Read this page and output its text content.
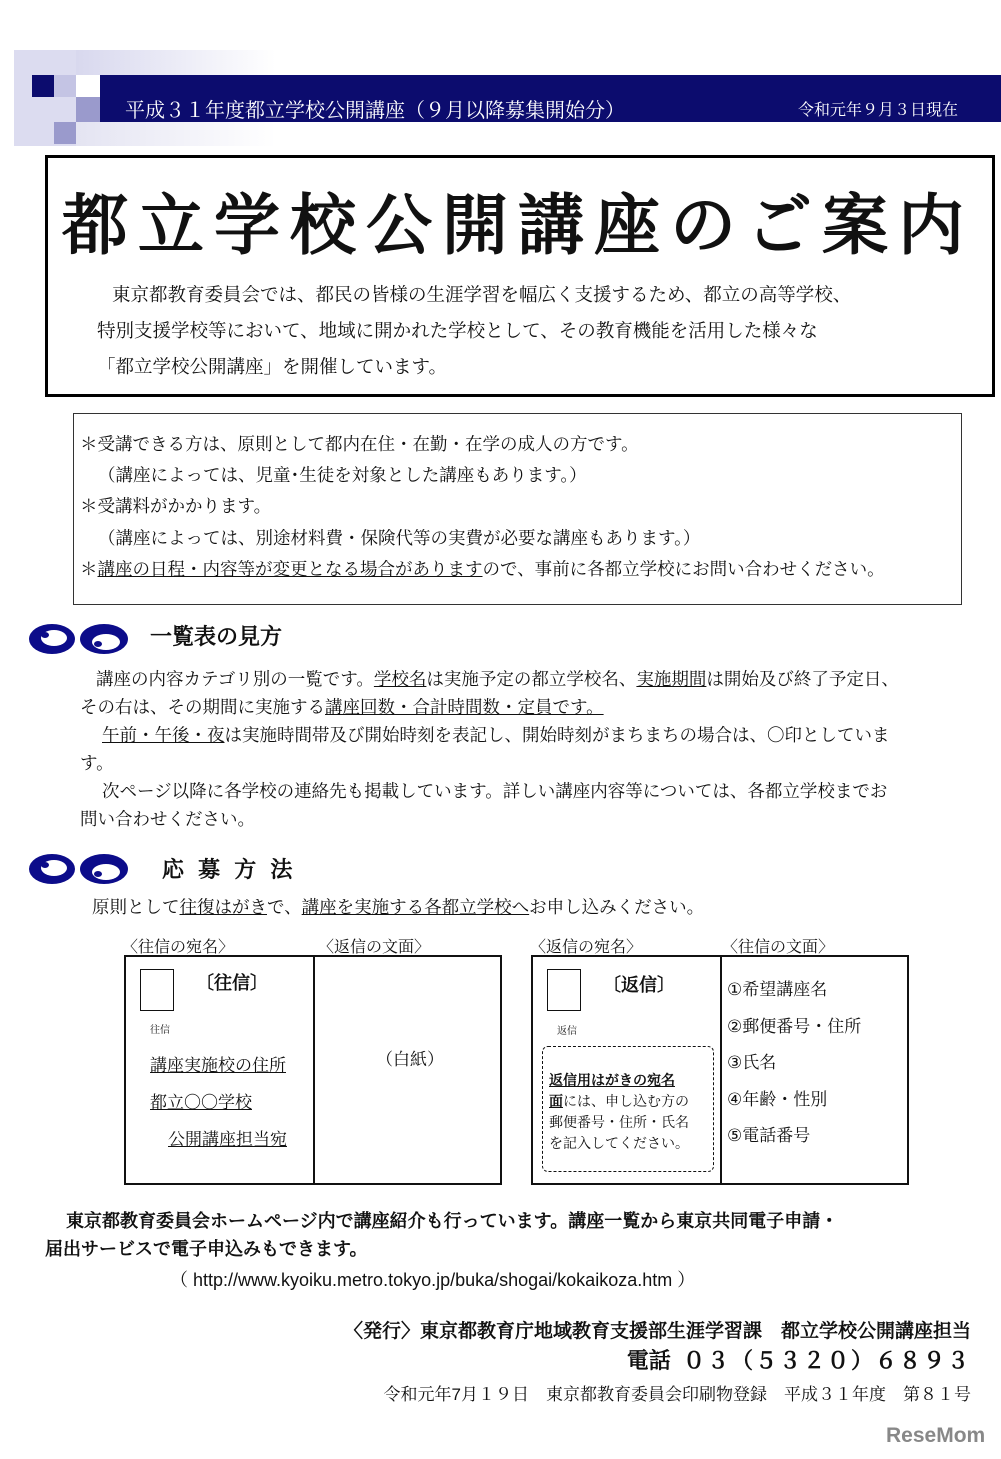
平成３１年度都立学校公開講座（９月以降募集開始分）	令和元年９月３日現在
都立学校公開講座のご案内
東京都教育委員会では、都民の皆様の生涯学習を幅広く支援するため、都立の高等学校、
特別支援学校等において、地域に開かれた学校として、その教育機能を活用した様々な
「都立学校公開講座」を開催しています。
＊受講できる方は、原則として都内在住・在勤・在学の成人の方です。
（講座によっては、児童･生徒を対象とした講座もあります。）
＊受講料がかかります。
（講座によっては、別途材料費・保険代等の実費が必要な講座もあります。）
＊講座の日程・内容等が変更となる場合がありますので、事前に各都立学校にお問い合わせください。
一覧表の見方
講座の内容カテゴリ別の一覧です。学校名は実施予定の都立学校名、実施期間は開始及び終了予定日、
その右は、その期間に実施する講座回数・合計時間数・定員です。
午前・午後・夜は実施時間帯及び開始時刻を表記し、開始時刻がまちまちの場合は、〇印としていま
す。
次ページ以降に各学校の連絡先も掲載しています。詳しい講座内容等については、各都立学校までお
問い合わせください。
応 募 方 法
原則として往復はがきで、講座を実施する各都立学校へお申し込みください。
〈往信の宛名〉	〈返信の文面〉	〈返信の宛名〉	〈往信の文面〉
〔往信〕
往信
講座実施校の住所
都立〇〇学校
公開講座担当宛
（白紙）
〔返信〕
返信
返信用はがきの宛名
面には、申し込む方の
郵便番号・住所・氏名
を記入してください。
①希望講座名
②郵便番号・住所
③氏名
④年齢・性別
⑤電話番号
東京都教育委員会ホームページ内で講座紹介も行っています。講座一覧から東京共同電子申請・
届出サービスで電子申込みもできます。
（ http://www.kyoiku.metro.tokyo.jp/buka/shogai/kokaikoza.htm ）
〈発行〉東京都教育庁地域教育支援部生涯学習課　都立学校公開講座担当
電話 ０３（５３２０）６８９３
令和元年7月１９日　東京都教育委員会印刷物登録　平成３１年度　第８１号
ReseMom
